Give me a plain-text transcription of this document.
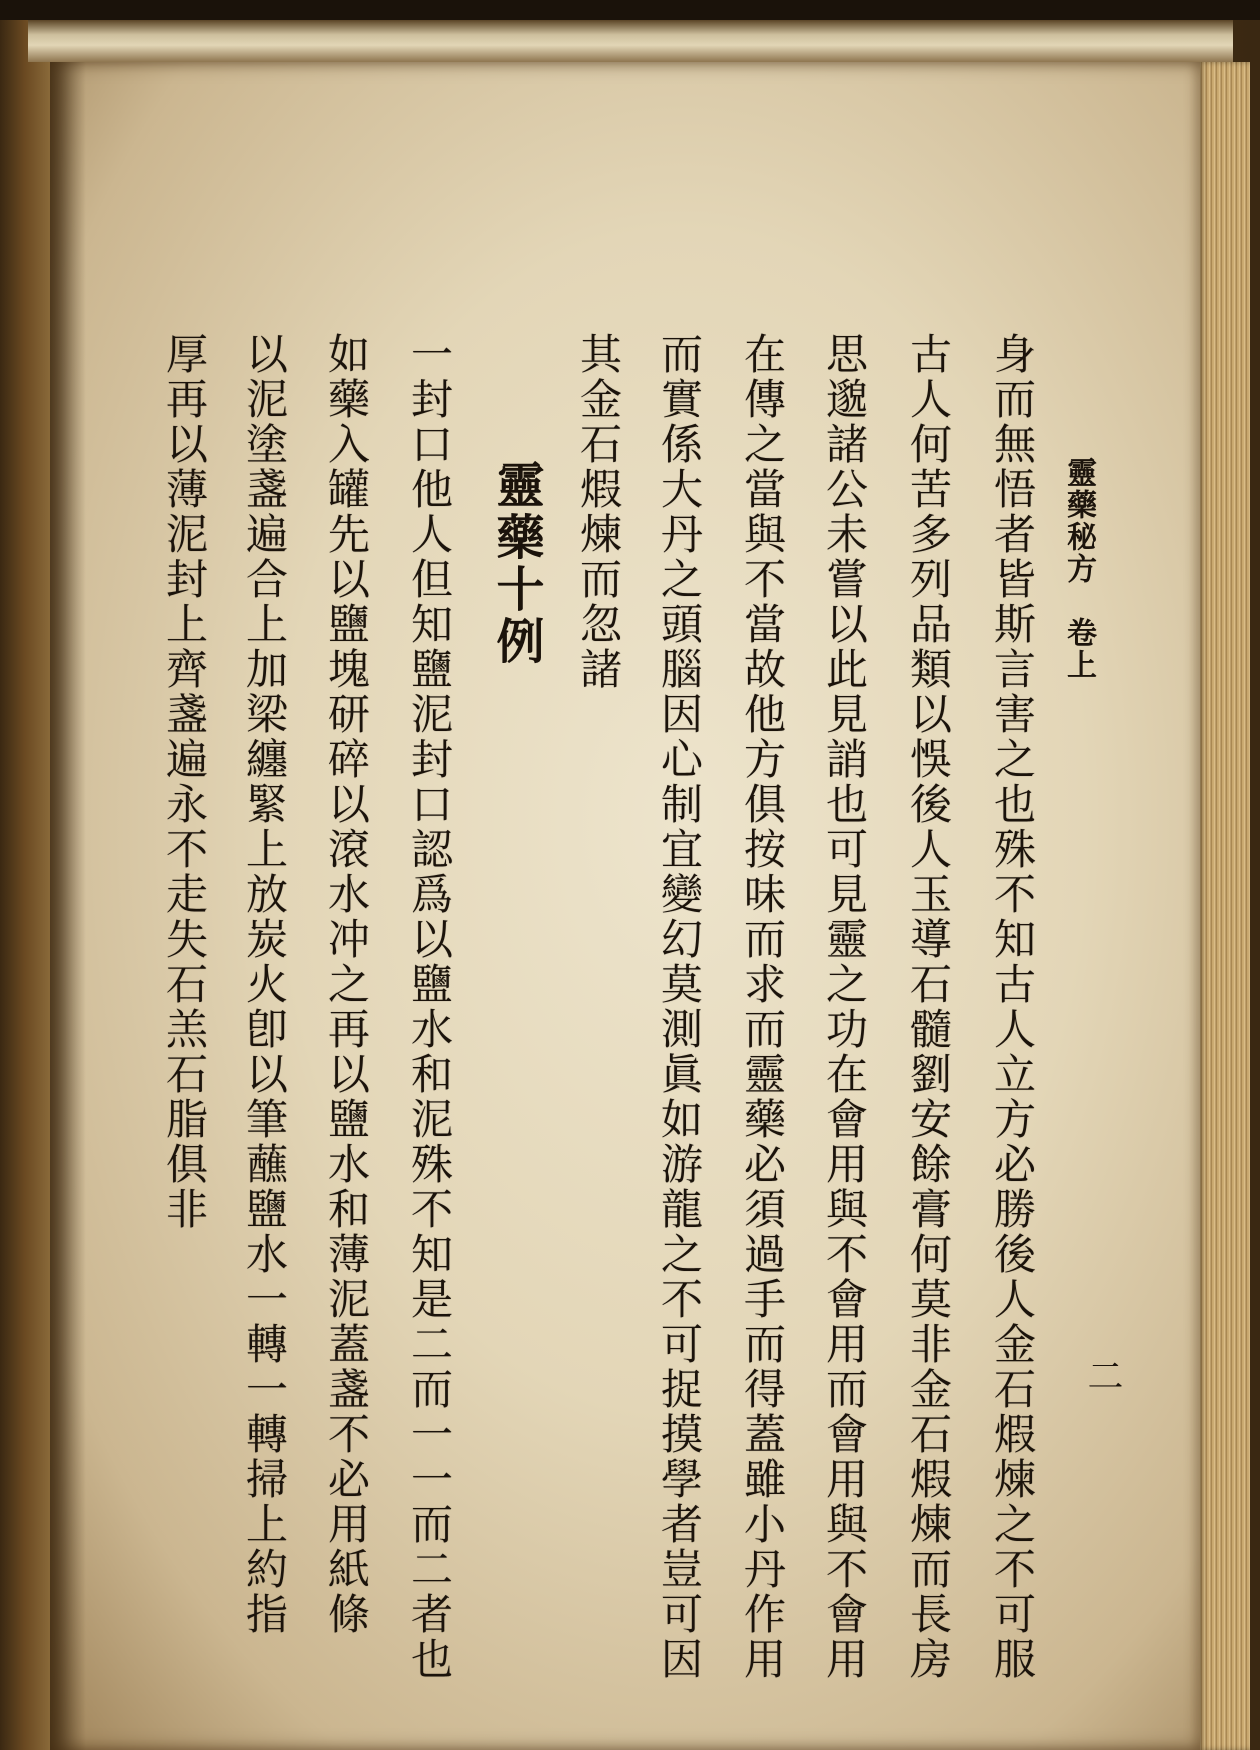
靈藥秘方　卷上
二
身而無悟者皆斯言害之也殊不知古人立方必勝後人金石煆煉之不可服
古人何苦多列品類以悞後人玉導石髓劉安餘膏何莫非金石煆煉而長房
思邈諸公未嘗以此見誚也可見靈之功在會用與不會用而會用與不會用
在傳之當與不當故他方俱按味而求而靈藥必須過手而得蓋雖小丹作用
而實係大丹之頭腦因心制宜變幻莫測眞如游龍之不可捉摸學者豈可因
其金石煆煉而忽諸
靈藥十例
一封口他人但知鹽泥封口認爲以鹽水和泥殊不知是二而一一而二者也
如藥入罐先以鹽塊研碎以滾水冲之再以鹽水和薄泥蓋盞不必用紙條
以泥塗盞遍合上加梁纏緊上放炭火卽以筆蘸鹽水一轉一轉掃上約指
厚再以薄泥封上齊盞遍永不走失石羔石脂俱非
